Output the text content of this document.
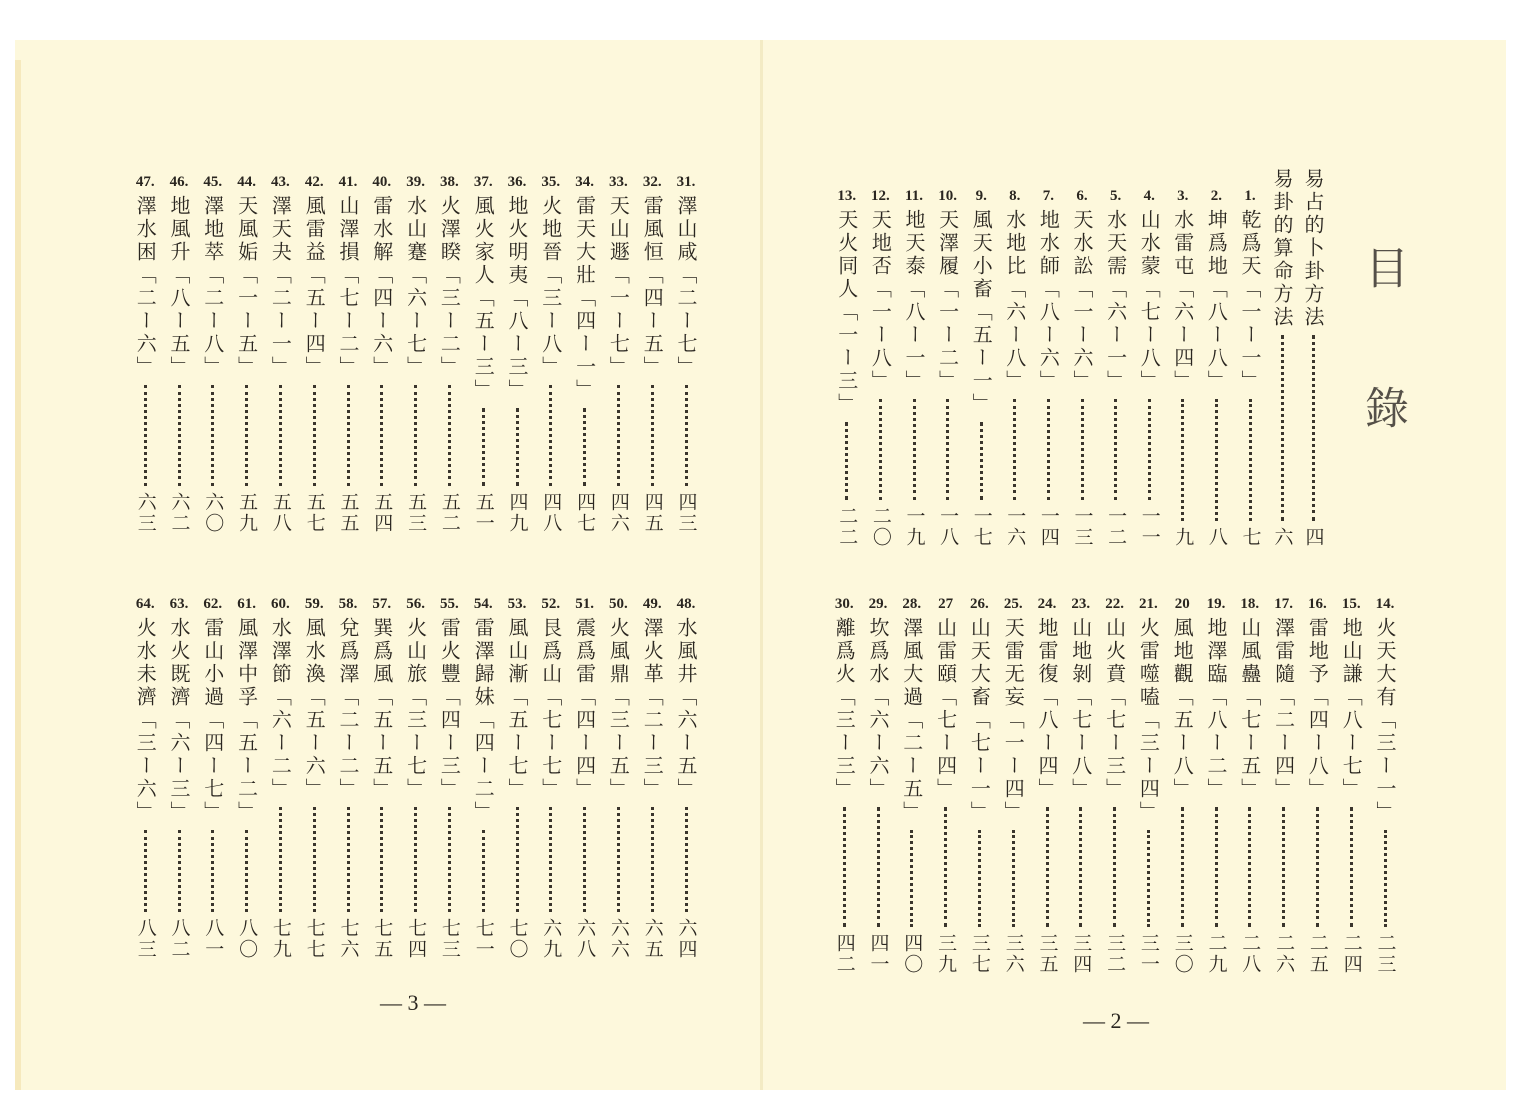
目
錄
易占的卜卦方法
四
易卦的算命方法
六
1.
乾爲天「一ー一」
七
2.
坤爲地「八ー八」
八
3.
水雷屯「六ー四」
九
4.
山水蒙「七ー八」
一一
5.
水天需「六ー一」
一二
6.
天水訟「一ー六」
一三
7.
地水師「八ー六」
一四
8.
水地比「六ー八」
一六
9.
風天小畜「五ー一」
一七
10.
天澤履「一ー二」
一八
11.
地天泰「八ー一」
一九
12.
天地否「一ー八」
二〇
13.
天火同人「一ー三」
二二
14.
火天大有「三ー一」
二三
15.
地山謙「八ー七」
二四
16.
雷地予「四ー八」
二五
17.
澤雷隨「二ー四」
二六
18.
山風蠱「七ー五」
二八
19.
地澤臨「八ー二」
二九
20
風地觀「五ー八」
三〇
21.
火雷噬嗑「三ー四」
三一
22.
山火賁「七ー三」
三二
23.
山地剝「七ー八」
三四
24.
地雷復「八ー四」
三五
25.
天雷无妄「一ー四」
三六
26.
山天大畜「七ー一」
三七
27
山雷頤「七ー四」
三九
28.
澤風大過「二ー五」
四〇
29.
坎爲水「六ー六」
四一
30.
離爲火「三ー三」
四二
31.
澤山咸「二ー七」
四三
32.
雷風恒「四ー五」
四五
33.
天山遯「一ー七」
四六
34.
雷天大壯「四ー一」
四七
35.
火地晉「三ー八」
四八
36.
地火明夷「八ー三」
四九
37.
風火家人「五ー三」
五一
38.
火澤睽「三ー二」
五二
39.
水山蹇「六ー七」
五三
40.
雷水解「四ー六」
五四
41.
山澤損「七ー二」
五五
42.
風雷益「五ー四」
五七
43.
澤天夬「二ー一」
五八
44.
天風姤「一ー五」
五九
45.
澤地萃「二ー八」
六〇
46.
地風升「八ー五」
六二
47.
澤水困「二ー六」
六三
48.
水風井「六ー五」
六四
49.
澤火革「二ー三」
六五
50.
火風鼎「三ー五」
六六
51.
震爲雷「四ー四」
六八
52.
艮爲山「七ー七」
六九
53.
風山漸「五ー七」
七〇
54.
雷澤歸妹「四ー二」
七一
55.
雷火豐「四ー三」
七三
56.
火山旅「三ー七」
七四
57.
巽爲風「五ー五」
七五
58.
兌爲澤「二ー二」
七六
59.
風水渙「五ー六」
七七
60.
水澤節「六ー二」
七九
61.
風澤中孚「五ー二」
八〇
62.
雷山小過「四ー七」
八一
63.
水火既濟「六ー三」
八二
64.
火水未濟「三ー六」
八三
— 2 —
— 3 —
